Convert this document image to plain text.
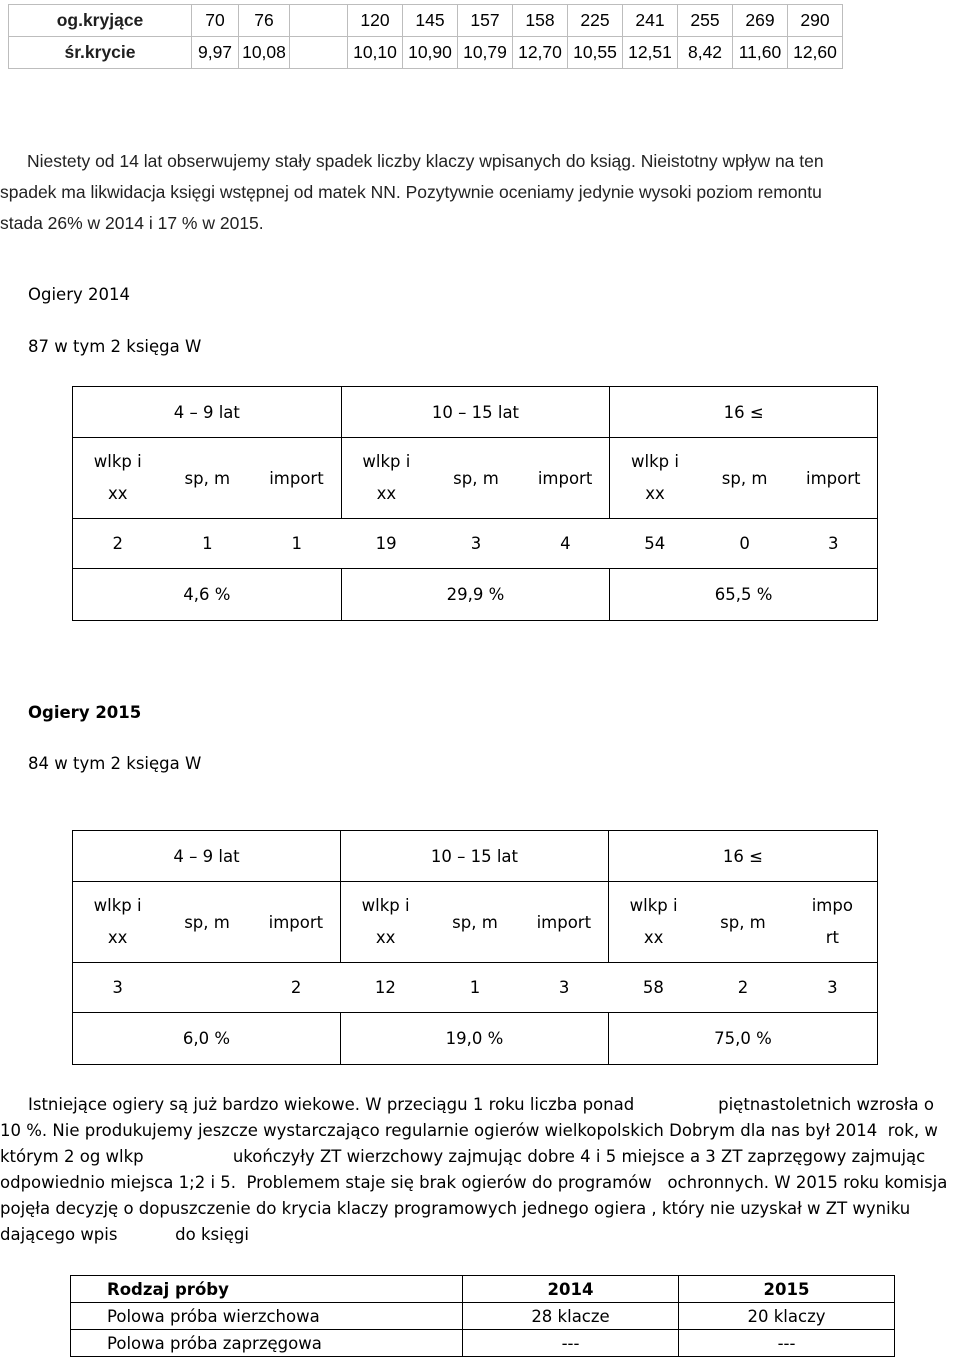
og.kryjące	70	76		120	145	157	158	225	241	255	269	290
śr.krycie	9,97	10,08		10,10	10,90	10,79	12,70	10,55	12,51	8,42	11,60	12,60
Niestety od 14 lat obserwujemy stały spadek liczby klaczy wpisanych do ksiąg. Nieistotny wpływ na ten
spadek ma likwidacja księgi wstępnej od matek NN. Pozytywnie oceniamy jedynie wysoki poziom remontu
stada 26% w 2014 i 17 % w 2015.
Ogiery 2014
87 w tym 2 księga W
4 – 9 lat			10 – 15 lat			16 ≤		
wlkp i
xx	sp, m	import	wlkp i
xx	sp, m	import	wlkp i
xx	sp, m	import
2	1	1	19	3	4	54	0	3
4,6 %			29,9 %			65,5 %		
Ogiery 2015
84 w tym 2 księga W
4 – 9 lat			10 – 15 lat			16 ≤		
wlkp i
xx	sp, m	import	wlkp i
xx	sp, m	import	wlkp i
xx	sp, m	impo
rt
3		2	12	1	3	58	2	3
6,0 %			19,0 %			75,0 %		
Istniejące ogiery są już bardzo wiekowe. W przeciągu 1 roku liczba ponad                piętnastoletnich wzrosła o
10 %. Nie produkujemy jeszcze wystarczająco regularnie ogierów wielkopolskich Dobrym dla nas był 2014  rok, w
którym 2 og wlkp                 ukończyły ZT wierzchowy zajmując dobre 4 i 5 miejsce a 3 ZT zaprzęgowy zajmując
odpowiednio miejsca 1;2 i 5.  Problemem staje się brak ogierów do programów   ochronnych. W 2015 roku komisja
pojęła decyzję o dopuszczenie do krycia klaczy programowych jednego ogiera , który nie uzyskał w ZT wyniku
dającego wpis           do księgi
Rodzaj próby	2014	2015
Polowa próba wierzchowa	28 klacze	20 klaczy
Polowa próba zaprzęgowa	---	---
